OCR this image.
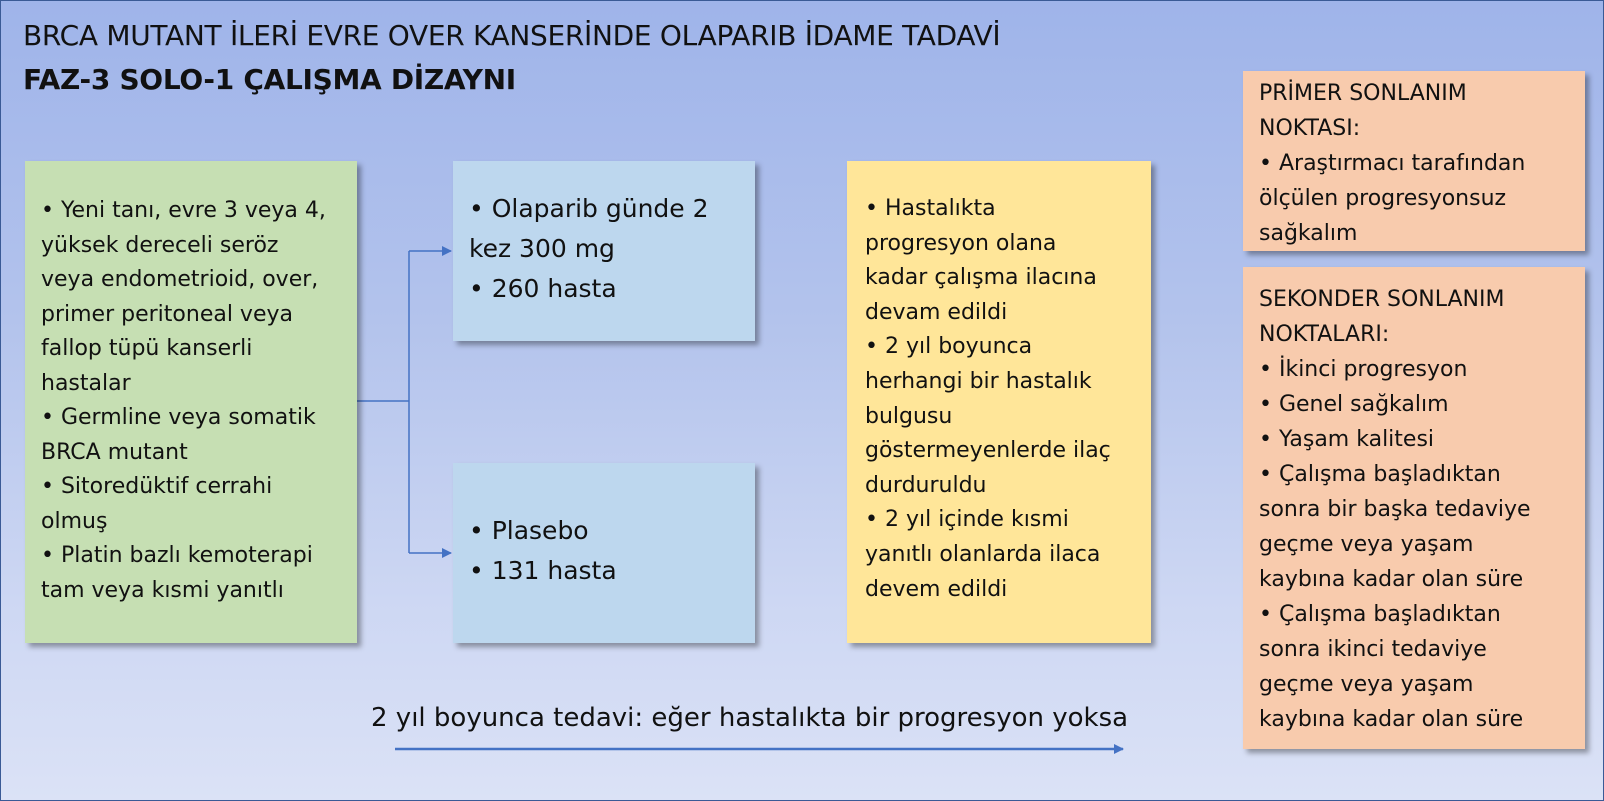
BRCA MUTANT İLERİ EVRE OVER KANSERİNDE OLAPARIB İDAME TADAVİ
FAZ-3 SOLO-1 ÇALIŞMA DİZAYNI
• Yeni tanı, evre 3 veya 4,
yüksek dereceli seröz
veya endometrioid, over,
primer peritoneal veya
fallop tüpü kanserli
hastalar
• Germline veya somatik
BRCA mutant
• Sitoredüktif cerrahi
olmuş
• Platin bazlı kemoterapi
tam veya kısmi yanıtlı
• Olaparib günde 2
kez 300 mg
• 260 hasta
• Plasebo
• 131 hasta
• Hastalıkta
progresyon olana
kadar çalışma ilacına
devam edildi
• 2 yıl boyunca
herhangi bir hastalık
bulgusu
göstermeyenlerde ilaç
durduruldu
• 2 yıl içinde kısmi
yanıtlı olanlarda ilaca
devem edildi
PRİMER SONLANIM
NOKTASI:
• Araştırmacı tarafından
ölçülen progresyonsuz
sağkalım
SEKONDER SONLANIM
NOKTALARI:
• İkinci progresyon
• Genel sağkalım
• Yaşam kalitesi
• Çalışma başladıktan
sonra bir başka tedaviye
geçme veya yaşam
kaybına kadar olan süre
• Çalışma başladıktan
sonra ikinci tedaviye
geçme veya yaşam
kaybına kadar olan süre
2 yıl boyunca tedavi: eğer hastalıkta bir progresyon yoksa
